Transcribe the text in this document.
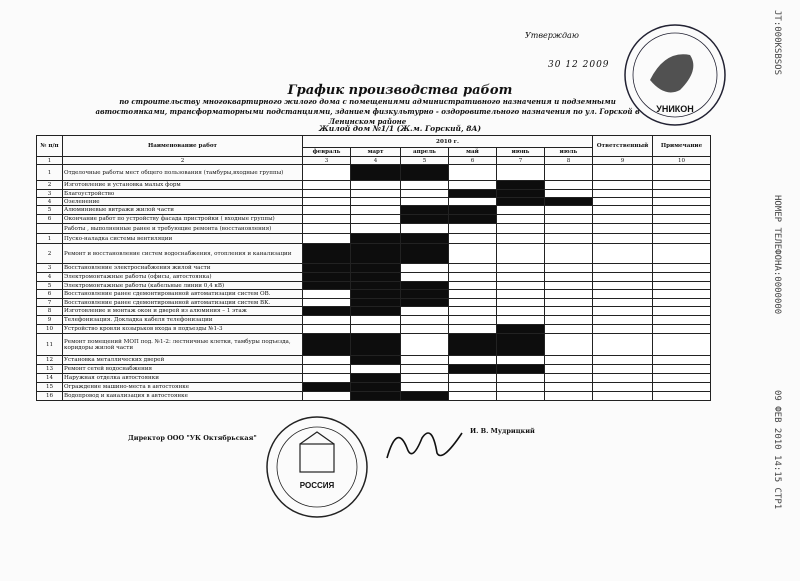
Утверждаю
30 12 2009
УНИКОН
График производства работ
по строительству многоквартирного жилого дома с помещениями административного назначения и подземными автостоянками, трансформаторными подстанциями, зданием физкультурно - оздоровительного назначения по ул. Горской в Ленинском районе
Жилой дом №1/1 (Ж.м. Горский, 8А)
№ п/п	Наименование работ	2010 г.						Ответственный	Примечание
		февраль	март	апрель	май	июнь	июль		
1	2	3	4	5	6	7	8	9	10
1	Отделочные работы мест общего пользования (тамбуры,входные группы)								
2	Изготовление и установка малых форм								
3	Благоустройство								
4	Озеленение								
5	Алюминиевые витражи жилой части								
6	Окончание работ по устройству фасада пристройки ( входные группы)								
	Работы , выполненные ранее и требующие ремонта (восстановления)								
1	Пуско-наладка системы вентиляции								
2	Ремонт и восстановление систем водоснабжения, отопления и канализации								
3	Восстановление электроснабжения жилой части								
4	Электромонтажные работы (офисы, автостоянка)								
5	Электромонтажные работы (кабельные линии 0,4 кВ)								
6	Восстановление ранее сдемонтированной автоматизации систем ОВ.								
7	Восстановление ранее сдемонтированной автоматизации систем ВК.								
8	Изготовление и монтаж окон и дверей из алюминия – 1 этаж								
9	Телефонизация. Докладка кабеля телефонизации								
10	Устройство кровли козырьков входа в подъезды №1-3								
11	Ремонт помещений МОП под. №1-2: лестничные клетки, тамбуры подъезда, коридоры жилой части								
12	Установка металлических дверей								
13	Ремонт сетей водоснабжения								
14	Наружная отделка автостоянки								
15	Ограждение машино-места в автостоянке								
16	Водопровод и канализация в автостоянке								
Директор ООО "УК Октябрьская"
И. В. Мудрицкий
РОССИЯ
JT:000KSBSOS
НОМЕР ТЕЛЕФОНА:0000000
09 ФЕВ 2010 14:15 СТР1
